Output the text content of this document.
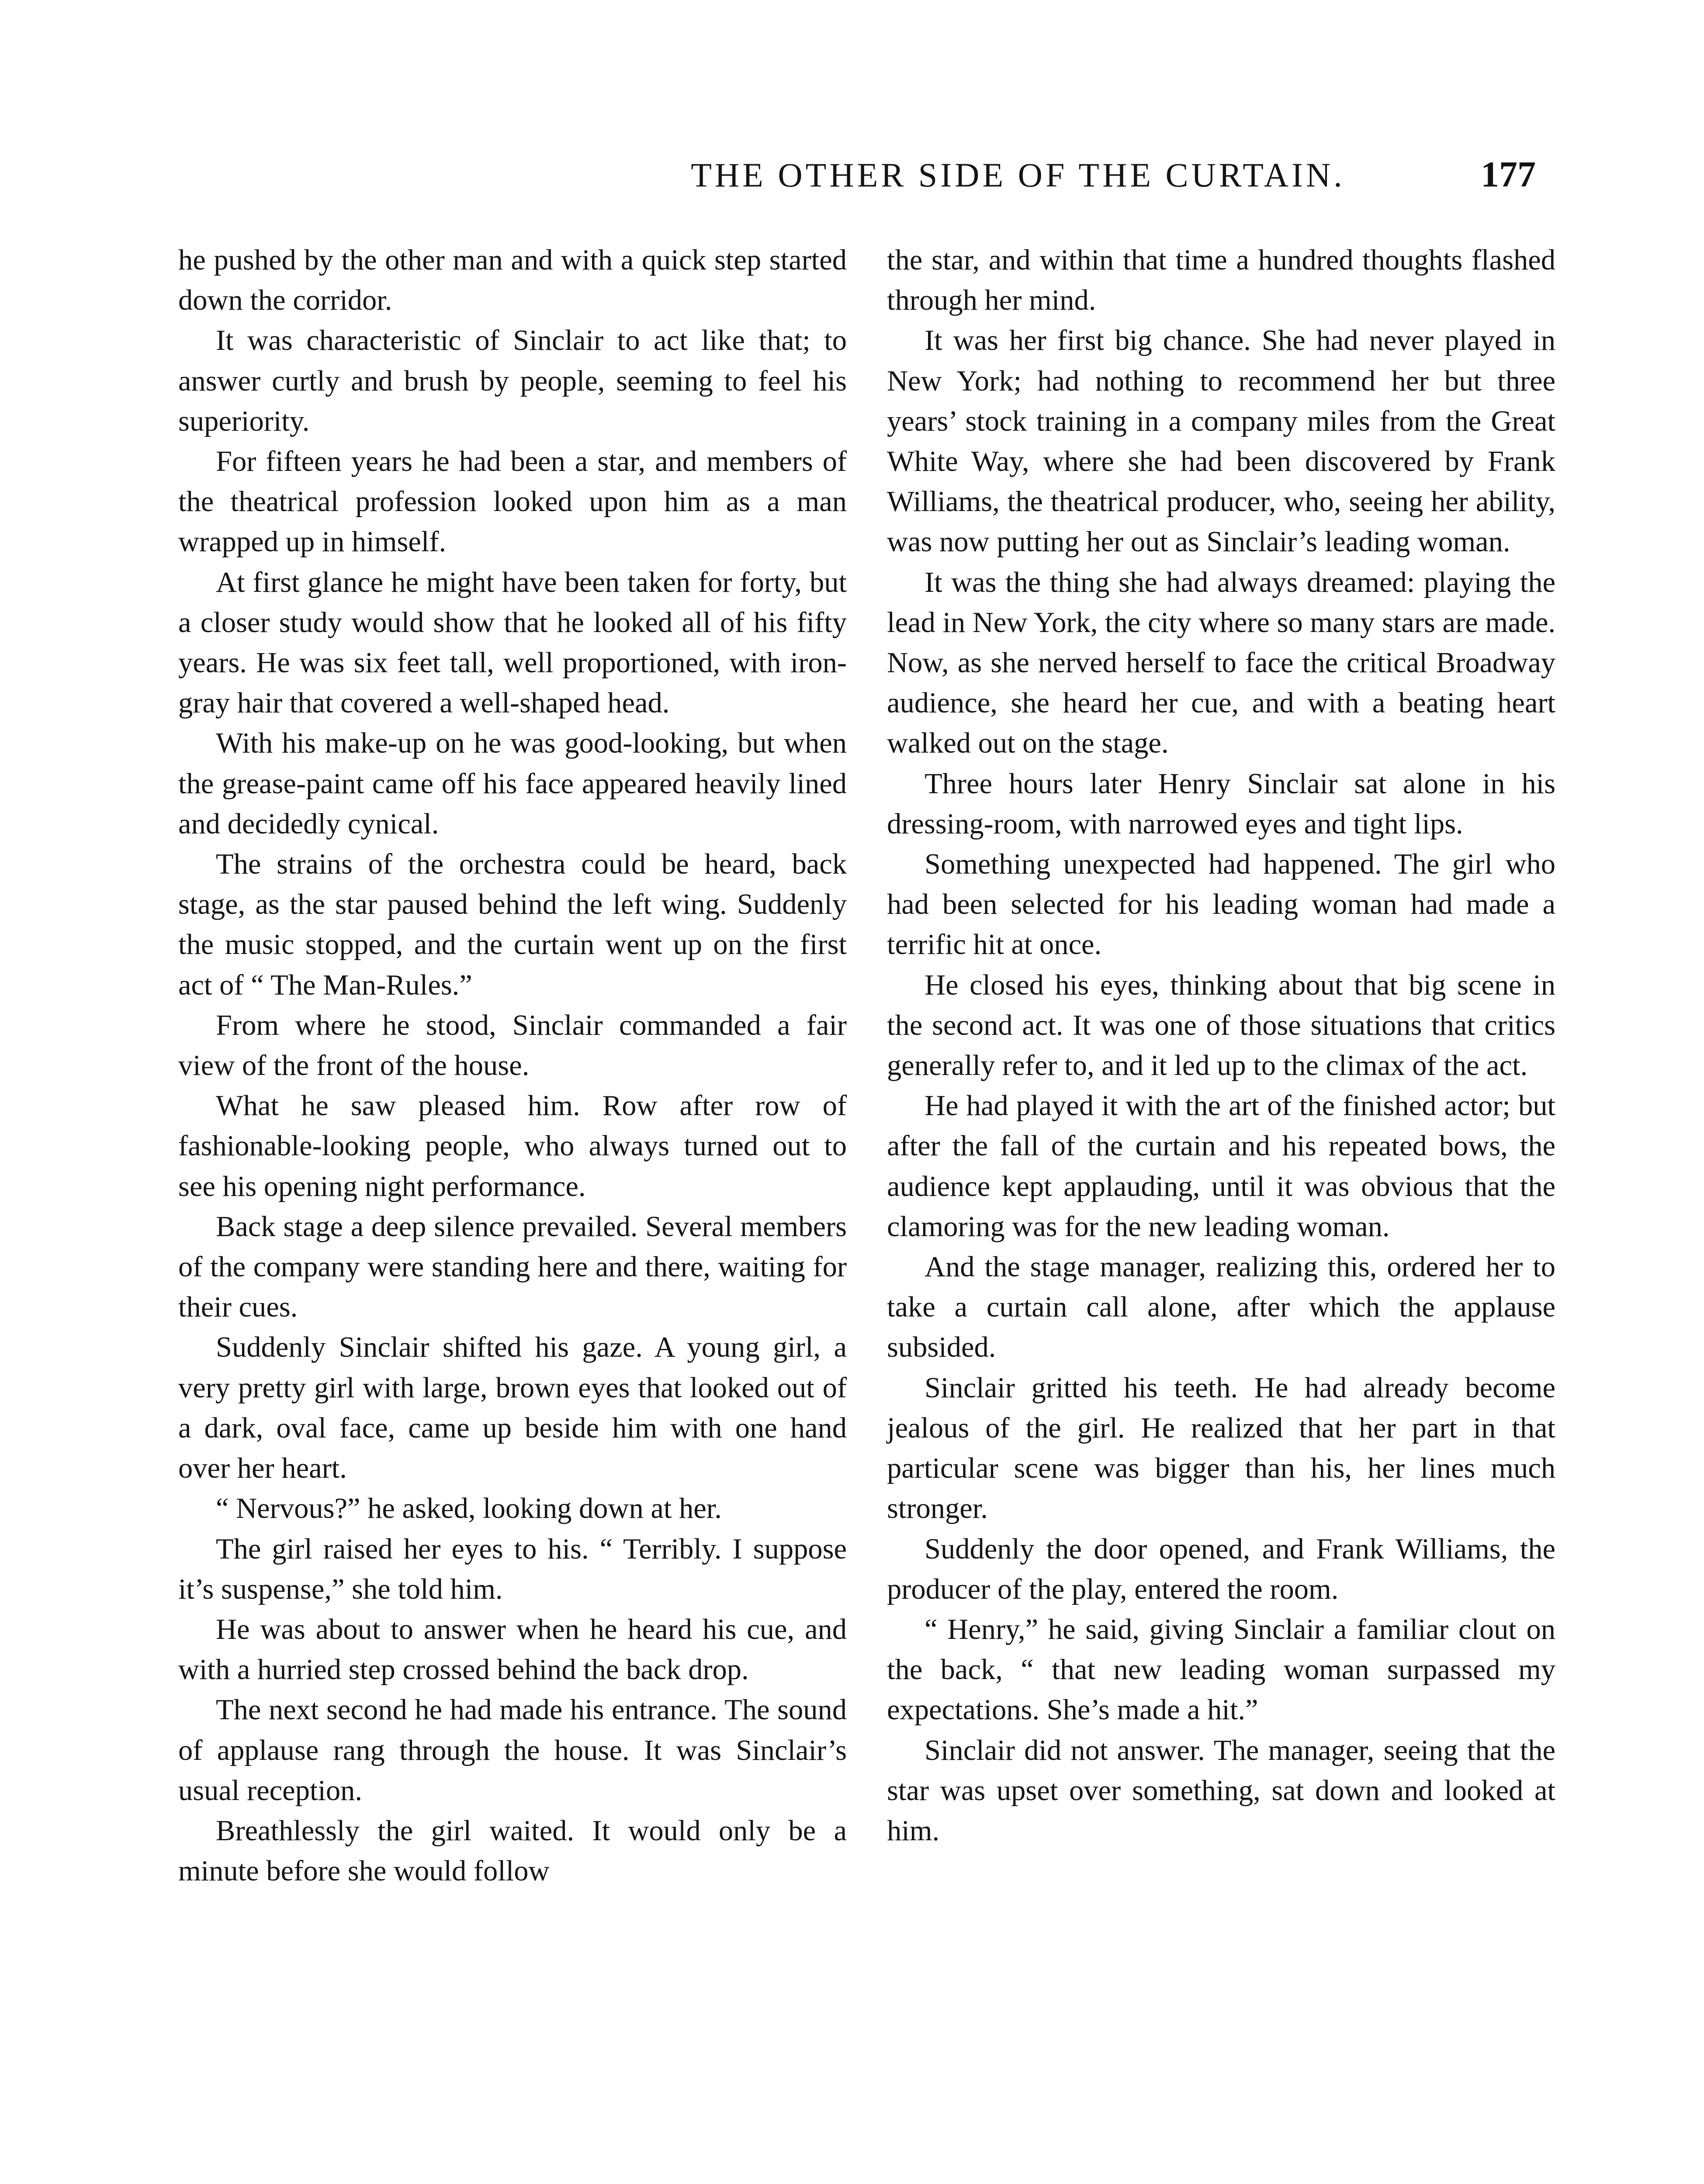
THE OTHER SIDE OF THE CURTAIN.	177

he pushed by the other man and with a quick step started down the corridor.

It was characteristic of Sinclair to act like that; to answer curtly and brush by people, seeming to feel his superiority.

For fifteen years he had been a star, and members of the theatrical profession looked upon him as a man wrapped up in himself.

At first glance he might have been taken for forty, but a closer study would show that he looked all of his fifty years. He was six feet tall, well proportioned, with iron-gray hair that covered a well-shaped head.

With his make-up on he was good-looking, but when the grease-paint came off his face appeared heavily lined and decidedly cynical.

The strains of the orchestra could be heard, back stage, as the star paused behind the left wing. Suddenly the music stopped, and the curtain went up on the first act of “ The Man-Rules.”

From where he stood, Sinclair commanded a fair view of the front of the house.

What he saw pleased him. Row after row of fashionable-looking people, who always turned out to see his opening night performance.

Back stage a deep silence prevailed. Several members of the company were standing here and there, waiting for their cues.

Suddenly Sinclair shifted his gaze. A young girl, a very pretty girl with large, brown eyes that looked out of a dark, oval face, came up beside him with one hand over her heart.

“ Nervous?” he asked, looking down at her.

The girl raised her eyes to his. “ Terribly. I suppose it’s suspense,” she told him.

He was about to answer when he heard his cue, and with a hurried step crossed behind the back drop.

The next second he had made his entrance. The sound of applause rang through the house. It was Sinclair’s usual reception.

Breathlessly the girl waited. It would only be a minute before she would follow

the star, and within that time a hundred thoughts flashed through her mind.

It was her first big chance. She had never played in New York; had nothing to recommend her but three years’ stock training in a company miles from the Great White Way, where she had been discovered by Frank Williams, the theatrical producer, who, seeing her ability, was now putting her out as Sinclair’s leading woman.

It was the thing she had always dreamed: playing the lead in New York, the city where so many stars are made. Now, as she nerved herself to face the critical Broadway audience, she heard her cue, and with a beating heart walked out on the stage.

Three hours later Henry Sinclair sat alone in his dressing-room, with narrowed eyes and tight lips.

Something unexpected had happened. The girl who had been selected for his leading woman had made a terrific hit at once.

He closed his eyes, thinking about that big scene in the second act. It was one of those situations that critics generally refer to, and it led up to the climax of the act.

He had played it with the art of the finished actor; but after the fall of the curtain and his repeated bows, the audience kept applauding, until it was obvious that the clamoring was for the new leading woman.

And the stage manager, realizing this, ordered her to take a curtain call alone, after which the applause subsided.

Sinclair gritted his teeth. He had already become jealous of the girl. He realized that her part in that particular scene was bigger than his, her lines much stronger.

Suddenly the door opened, and Frank Williams, the producer of the play, entered the room.

“ Henry,” he said, giving Sinclair a familiar clout on the back, “ that new leading woman surpassed my expectations. She’s made a hit.”

Sinclair did not answer. The manager, seeing that the star was upset over something, sat down and looked at him.
